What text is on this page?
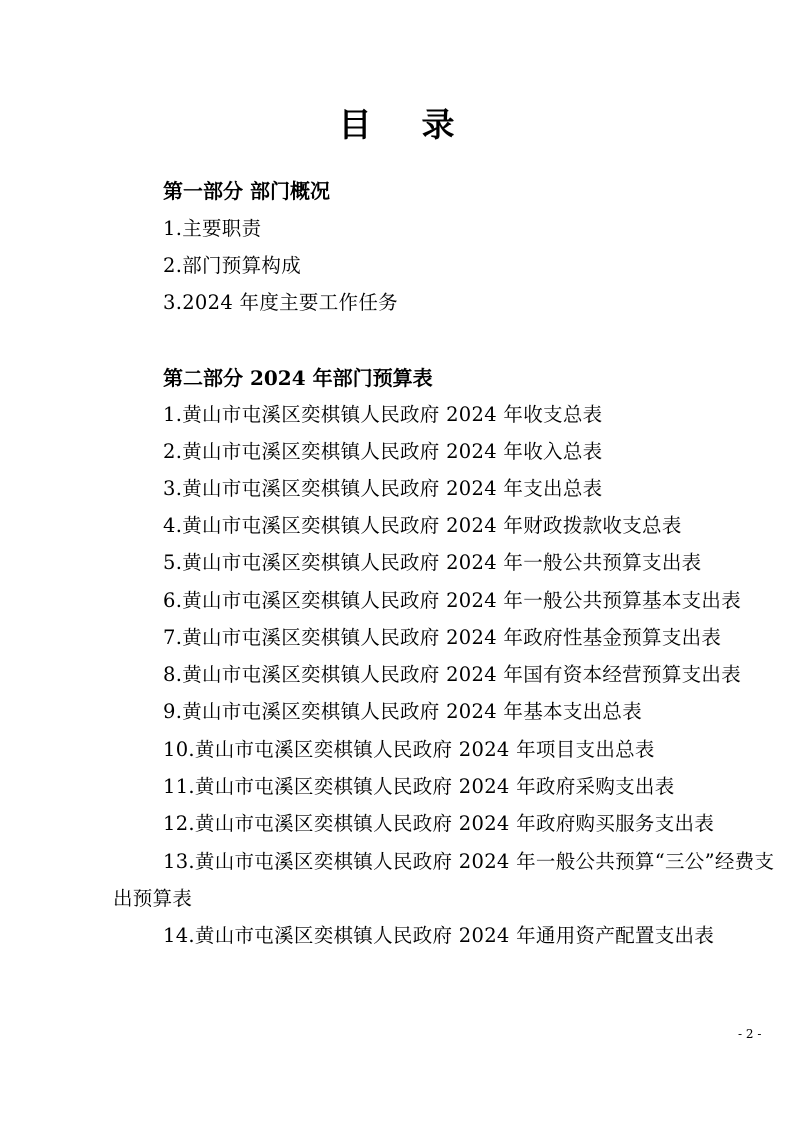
目 录
第一部分 部门概况
1.主要职责
2.部门预算构成
3.2024 年度主要工作任务
第二部分 2024 年部门预算表
1.黄山市屯溪区奕棋镇人民政府 2024 年收支总表
2.黄山市屯溪区奕棋镇人民政府 2024 年收入总表
3.黄山市屯溪区奕棋镇人民政府 2024 年支出总表
4.黄山市屯溪区奕棋镇人民政府 2024 年财政拨款收支总表
5.黄山市屯溪区奕棋镇人民政府 2024 年一般公共预算支出表
6.黄山市屯溪区奕棋镇人民政府 2024 年一般公共预算基本支出表
7.黄山市屯溪区奕棋镇人民政府 2024 年政府性基金预算支出表
8.黄山市屯溪区奕棋镇人民政府 2024 年国有资本经营预算支出表
9.黄山市屯溪区奕棋镇人民政府 2024 年基本支出总表
10.黄山市屯溪区奕棋镇人民政府 2024 年项目支出总表
11.黄山市屯溪区奕棋镇人民政府 2024 年政府采购支出表
12.黄山市屯溪区奕棋镇人民政府 2024 年政府购买服务支出表
13.黄山市屯溪区奕棋镇人民政府 2024 年一般公共预算“三公”经费支出预算表
14.黄山市屯溪区奕棋镇人民政府 2024 年通用资产配置支出表
- 2 -
